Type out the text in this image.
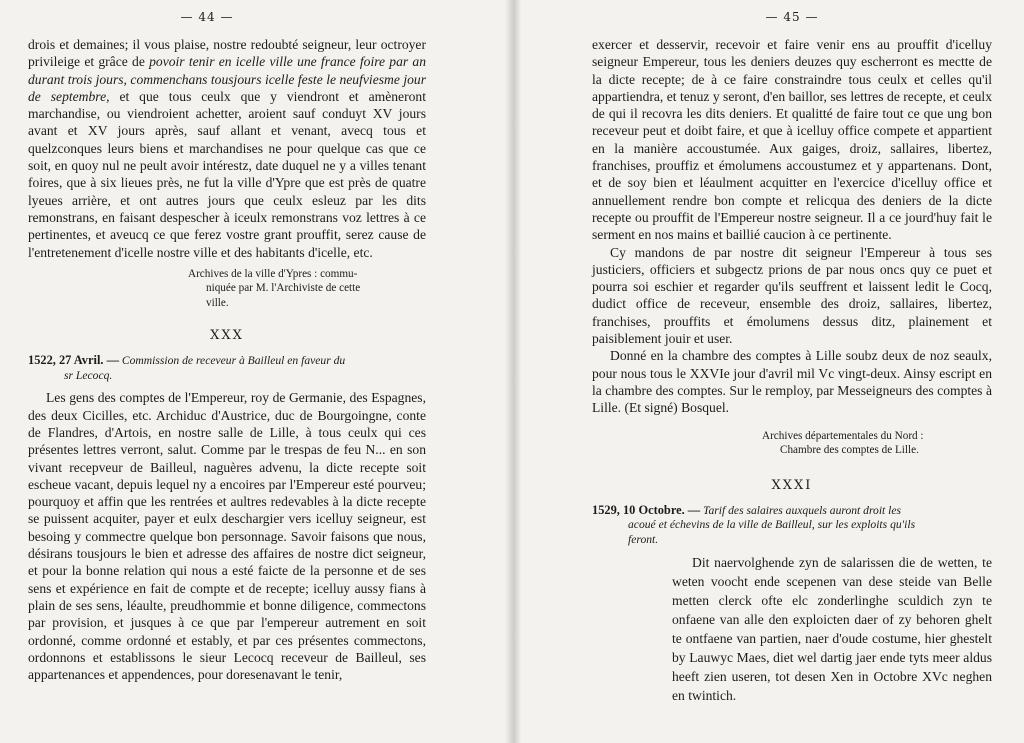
— 44 —
drois et demaines; il vous plaise, nostre redoubté seigneur, leur octroyer privileige et grâce de povoir tenir en icelle ville une france foire par an durant trois jours, commenchans tousjours icelle feste le neufviesme jour de septembre, et que tous ceulx que y viendront et amèneront marchandise, ou viendroient achetter, aroient sauf conduyt XV jours avant et XV jours après, sauf allant et venant, avecq tous et quelzconques leurs biens et marchandises ne pour quelque cas que ce soit, en quoy nul ne peult avoir intérestz, date duquel ne y a villes tenant foires, que à six lieues près, ne fut la ville d'Ypre que est près de quatre lyeues arrière, et ont autres jours que ceulx esleuz par les dits remonstrans, en faisant despescher à iceulx remonstrans voz lettres à ce pertinentes, et aveucq ce que ferez vostre grant prouffit, serez cause de l'entretenement d'icelle nostre ville et des habitants d'icelle, etc.
Archives de la ville d'Ypres : commu-
niquée par M. l'Archiviste de cette
ville.
XXX
1522, 27 Avril. — Commission de receveur à Bailleul en faveur du
sr Lecocq.
Les gens des comptes de l'Empereur, roy de Germanie, des Espagnes, des deux Cicilles, etc. Archiduc d'Austrice, duc de Bourgoingne, conte de Flandres, d'Artois, en nostre salle de Lille, à tous ceulx qui ces présentes lettres verront, salut. Comme par le trespas de feu N... en son vivant recepveur de Bailleul, naguères advenu, la dicte recepte soit escheue vacant, depuis lequel ny a encoires par l'Empereur esté pourveu; pourquoy et affin que les rentrées et aultres redevables à la dicte recepte se puissent acquiter, payer et eulx deschargier vers icelluy seigneur, est besoing y commectre quelque bon personnage. Savoir faisons que nous, désirans tousjours le bien et adresse des affaires de nostre dict seigneur, et pour la bonne relation qui nous a esté faicte de la personne et de ses sens et expérience en fait de compte et de recepte; icelluy aussy fians à plain de ses sens, léaulte, preudhommie et bonne diligence, commectons par provision, et jusques à ce que par l'empereur autrement en soit ordonné, comme ordonné et estably, et par ces présentes commectons, ordonnons et establissons le sieur Lecocq receveur de Bailleul, ses appartenances et appendences, pour doresenavant le tenir,
— 45 —
exercer et desservir, recevoir et faire venir ens au prouffit d'icelluy seigneur Empereur, tous les deniers deuzes quy escherront es mectte de la dicte recepte; de à ce faire constraindre tous ceulx et celles qu'il appartiendra, et tenuz y seront, d'en baillor, ses lettres de recepte, et ceulx de qui il recovra les dits deniers. Et qualitté de faire tout ce que ung bon receveur peut et doibt faire, et que à icelluy office compete et appartient en la manière accoustumée. Aux gaiges, droiz, sallaires, libertez, franchises, prouffiz et émolumens accoustumez et y appartenans. Dont, et de soy bien et léaulment acquitter en l'exercice d'icelluy office et annuellement rendre bon compte et relicqua des deniers de la dicte recepte ou prouffit de l'Empereur nostre seigneur. Il a ce jourd'huy fait le serment en nos mains et baillié caucion à ce pertinente.
Cy mandons de par nostre dit seigneur l'Empereur à tous ses justiciers, officiers et subgectz prions de par nous oncs quy ce puet et pourra soi eschier et regarder qu'ils seuffrent et laissent ledit le Cocq, dudict office de receveur, ensemble des droiz, sallaires, libertez, franchises, prouffits et émolumens dessus ditz, plainement et paisiblement jouir et user.
Donné en la chambre des comptes à Lille soubz deux de noz seaulx, pour nous tous le XXVIe jour d'avril mil Vc vingt-deux. Ainsy escript en la chambre des comptes. Sur le remploy, par Messeigneurs des comptes à Lille. (Et signé) Bosquel.
Archives départementales du Nord :
Chambre des comptes de Lille.
XXXI
1529, 10 Octobre. — Tarif des salaires auxquels auront droit les
acoué et échevins de la ville de Bailleul, sur les exploits qu'ils
feront.
Dit naervolghende zyn de salarissen die de wetten, te weten voocht ende scepenen van dese steide van Belle metten clerck ofte elc zonderlinghe sculdich zyn te onfaene van alle den exploicten daer of zy behoren ghelt te ontfaene van partien, naer d'oude costume, hier ghestelt by Lauwyc Maes, diet wel dartig jaer ende tyts meer aldus heeft zien useren, tot desen Xen in Octobre XVc neghen en twintich.
